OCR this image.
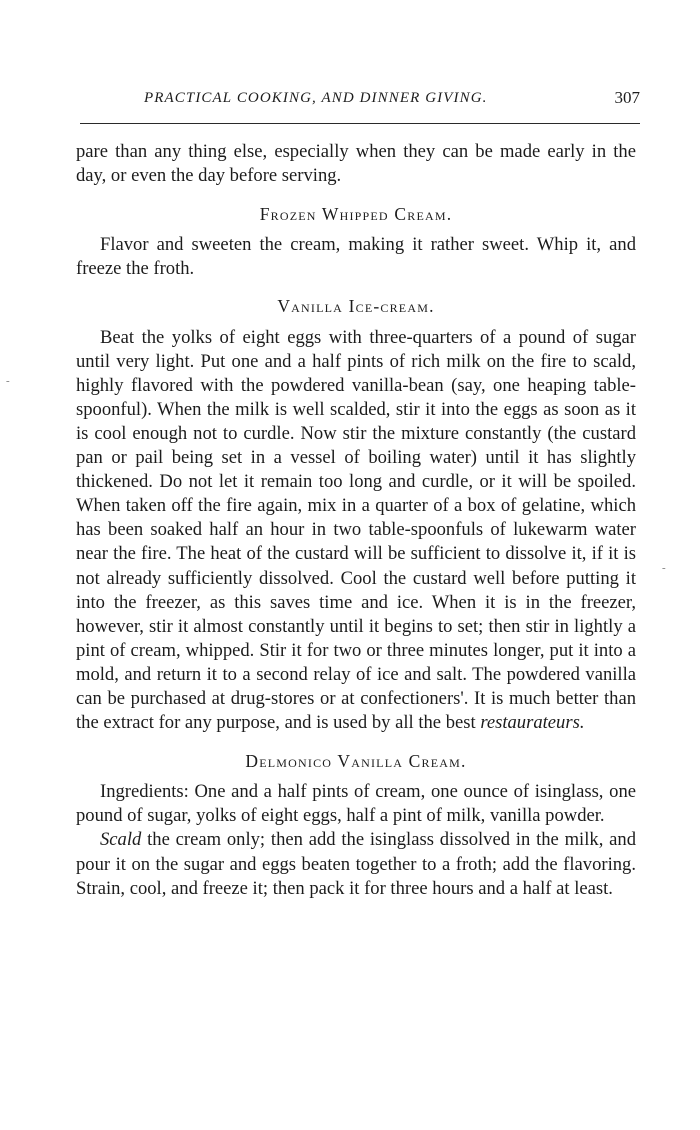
PRACTICAL COOKING, AND DINNER GIVING.	307

pare than any thing else, especially when they can be made early in the day, or even the day before serving.

Frozen Whipped Cream.

Flavor and sweeten the cream, making it rather sweet. Whip it, and freeze the froth.

Vanilla Ice-cream.

Beat the yolks of eight eggs with three-quarters of a pound of sugar until very light. Put one and a half pints of rich milk on the fire to scald, highly flavored with the powdered vanilla-bean (say, one heaping table-spoonful). When the milk is well scalded, stir it into the eggs as soon as it is cool enough not to curdle. Now stir the mixture constantly (the custard pan or pail being set in a vessel of boiling water) until it has slightly thickened. Do not let it remain too long and curdle, or it will be spoiled. When taken off the fire again, mix in a quarter of a box of gelatine, which has been soaked half an hour in two table-spoonfuls of lukewarm water near the fire. The heat of the custard will be sufficient to dissolve it, if it is not already sufficiently dissolved. Cool the custard well before putting it into the freezer, as this saves time and ice. When it is in the freezer, however, stir it almost constantly until it begins to set; then stir in lightly a pint of cream, whipped. Stir it for two or three minutes longer, put it into a mold, and return it to a second relay of ice and salt. The powdered vanilla can be purchased at drug-stores or at confectioners'. It is much better than the extract for any purpose, and is used by all the best restaurateurs.

Delmonico Vanilla Cream.

Ingredients: One and a half pints of cream, one ounce of isinglass, one pound of sugar, yolks of eight eggs, half a pint of milk, vanilla powder.

Scald the cream only; then add the isinglass dissolved in the milk, and pour it on the sugar and eggs beaten together to a froth; add the flavoring. Strain, cool, and freeze it; then pack it for three hours and a half at least.

-
-
